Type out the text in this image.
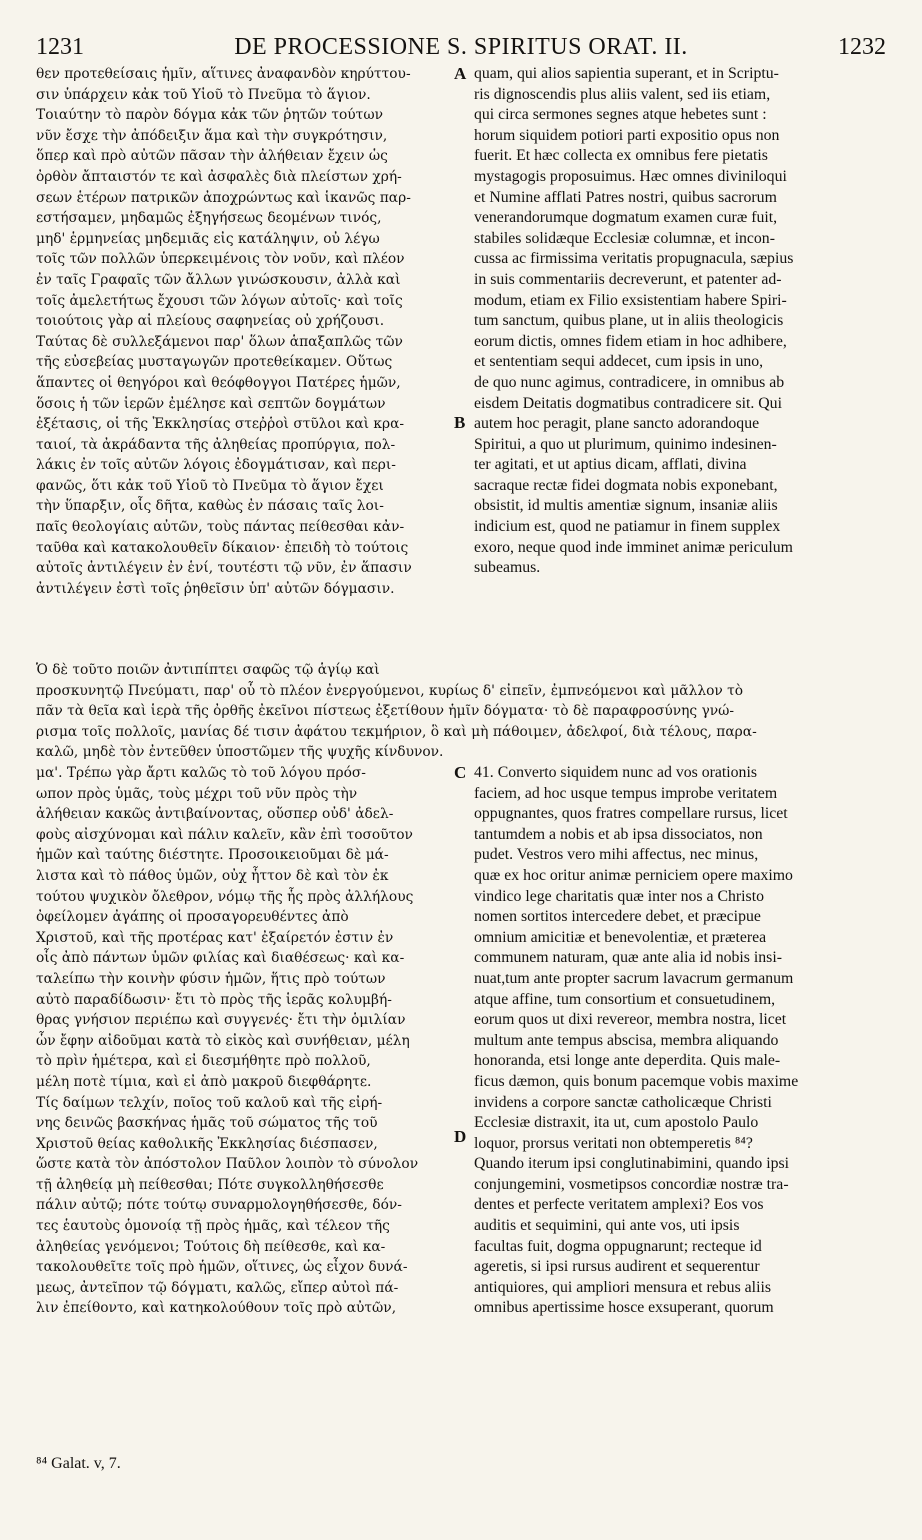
1231	DE PROCESSIONE S. SPIRITUS ORAT. II.	1232
θεν προτεθείσαις ἡμῖν, αἵτινες ἀναφανδὸν κηρύττου-
σιν ὑπάρχειν κἀκ τοῦ Υἱοῦ τὸ Πνεῦμα τὸ ἅγιον.
Τοιαύτην τὸ παρὸν δόγμα κἀκ τῶν ῥητῶν τούτων
νῦν ἔσχε τὴν ἀπόδειξιν ἅμα καὶ τὴν συγκρότησιν,
ὅπερ καὶ πρὸ αὐτῶν πᾶσαν τὴν ἀλήθειαν ἔχειν ὡς
ὀρθὸν ἄπταιστόν τε καὶ ἀσφαλὲς διὰ πλείστων χρή-
σεων ἑτέρων πατρικῶν ἀποχρώντως καὶ ἱκανῶς παρ-
εστήσαμεν, μηδαμῶς ἐξηγήσεως δεομένων τινός,
μηδ' ἑρμηνείας μηδεμιᾶς εἰς κατάληψιν, οὐ λέγω
τοῖς τῶν πολλῶν ὑπερκειμένοις τὸν νοῦν, καὶ πλέον
ἐν ταῖς Γραφαῖς τῶν ἄλλων γινώσκουσιν, ἀλλὰ καὶ
τοῖς ἀμελετήτως ἔχουσι τῶν λόγων αὐτοῖς· καὶ τοῖς
τοιούτοις γὰρ αἱ πλείους σαφηνείας οὐ χρήζουσι.
Ταύτας δὲ συλλεξάμενοι παρ' ὅλων ἁπαξαπλῶς τῶν
τῆς εὐσεβείας μυσταγωγῶν προτεθείκαμεν. Οὕτως
ἅπαντες οἱ θεηγόροι καὶ θεόφθογγοι Πατέρες ἡμῶν,
ὅσοις ἡ τῶν ἱερῶν ἐμέλησε καὶ σεπτῶν δογμάτων
ἐξέτασις, οἱ τῆς Ἐκκλησίας στεῤῥοὶ στῦλοι καὶ κρα-
ταιοί, τὰ ἀκράδαντα τῆς ἀληθείας προπύργια, πολ-
λάκις ἐν τοῖς αὐτῶν λόγοις ἐδογμάτισαν, καὶ περι-
φανῶς, ὅτι κἀκ τοῦ Υἱοῦ τὸ Πνεῦμα τὸ ἅγιον ἔχει
τὴν ὕπαρξιν, οἷς δῆτα, καθὼς ἐν πάσαις ταῖς λοι-
παῖς θεολογίαις αὐτῶν, τοὺς πάντας πείθεσθαι κἀν-
ταῦθα καὶ κατακολουθεῖν δίκαιον· ἐπειδὴ τὸ τούτοις
αὐτοῖς ἀντιλέγειν ἐν ἑνί, τουτέστι τῷ νῦν, ἐν ἅπασιν
ἀντιλέγειν ἐστὶ τοῖς ῥηθεῖσιν ὑπ' αὐτῶν δόγμασιν.
quam, qui alios sapientia superant, et in Scriptu-
ris dignoscendis plus aliis valent, sed iis etiam,
qui circa sermones segnes atque hebetes sunt :
horum siquidem potiori parti expositio opus non
fuerit. Et hæc collecta ex omnibus fere pietatis
mystagogis proposuimus. Hæc omnes diviniloqui
et Numine afflati Patres nostri, quibus sacrorum
venerandorumque dogmatum examen curæ fuit,
stabiles solidæque Ecclesiæ columnæ, et incon-
cussa ac firmissima veritatis propugnacula, sæpius
in suis commentariis decreverunt, et patenter ad-
modum, etiam ex Filio exsistentiam habere Spiri-
tum sanctum, quibus plane, ut in aliis theologicis
eorum dictis, omnes fidem etiam in hoc adhibere,
et sententiam sequi addecet, cum ipsis in uno,
de quo nunc agimus, contradicere, in omnibus ab
eisdem Deitatis dogmatibus contradicere sit. Qui
autem hoc peragit, plane sancto adorandoque
Spiritui, a quo ut plurimum, quinimo indesinen-
ter agitati, et ut aptius dicam, afflati, divina
sacraque rectæ fidei dogmata nobis exponebant,
obsistit, id multis amentiæ signum, insaniæ aliis
indicium est, quod ne patiamur in finem supplex
exoro, neque quod inde imminet animæ periculum
subeamus.
Ὁ δὲ τοῦτο ποιῶν ἀντιπίπτει σαφῶς τῷ ἁγίῳ καὶ
προσκυνητῷ Πνεύματι, παρ' οὗ τὸ πλέον ἐνεργούμενοι, κυρίως δ' εἰπεῖν, ἐμπνεόμενοι καὶ μᾶλλον τὸ
πᾶν τὰ θεῖα καὶ ἱερὰ τῆς ὀρθῆς ἐκεῖνοι πίστεως ἐξετίθουν ἡμῖν δόγματα· τὸ δὲ παραφροσύνης γνώ-
ρισμα τοῖς πολλοῖς, μανίας δέ τισιν ἀφάτου τεκμήριον, ὃ καὶ μὴ πάθοιμεν, ἀδελφοί, διὰ τέλους, παρα-
καλῶ, μηδὲ τὸν ἐντεῦθεν ὑποστῶμεν τῆς ψυχῆς κίνδυνον.
μα'. Τρέπω γὰρ ἄρτι καλῶς τὸ τοῦ λόγου πρόσ-
ωπον πρὸς ὑμᾶς, τοὺς μέχρι τοῦ νῦν πρὸς τὴν
ἀλήθειαν κακῶς ἀντιβαίνοντας, οὕσπερ οὐδ' ἀδελ-
φοὺς αἰσχύνομαι καὶ πάλιν καλεῖν, κἂν ἐπὶ τοσοῦτον
ἡμῶν καὶ ταύτης διέστητε. Προσοικειοῦμαι δὲ μά-
λιστα καὶ τὸ πάθος ὑμῶν, οὐχ ἧττον δὲ καὶ τὸν ἐκ
τούτου ψυχικὸν ὄλεθρον, νόμῳ τῆς ἧς πρὸς ἀλλήλους
ὀφείλομεν ἀγάπης οἱ προσαγορευθέντες ἀπὸ
Χριστοῦ, καὶ τῆς προτέρας κατ' ἐξαίρετόν ἐστιν ἐν
οἷς ἀπὸ πάντων ὑμῶν φιλίας καὶ διαθέσεως· καὶ κα-
ταλείπω τὴν κοινὴν φύσιν ἡμῶν, ἥτις πρὸ τούτων
αὐτὸ παραδίδωσιν· ἔτι τὸ πρὸς τῆς ἱερᾶς κολυμβή-
θρας γνήσιον περιέπω καὶ συγγενές· ἔτι τὴν ὁμιλίαν
ὧν ἔφην αἰδοῦμαι κατὰ τὸ εἰκὸς καὶ συνήθειαν, μέλη
τὸ πρὶν ἡμέτερα, καὶ εἰ διεσμήθητε πρὸ πολλοῦ,
μέλη ποτὲ τίμια, καὶ εἰ ἀπὸ μακροῦ διεφθάρητε.
Τίς δαίμων τελχίν, ποῖος τοῦ καλοῦ καὶ τῆς εἰρή-
νης δεινῶς βασκήνας ἡμᾶς τοῦ σώματος τῆς τοῦ
Χριστοῦ θείας καθολικῆς Ἐκκλησίας διέσπασεν,
ὥστε κατὰ τὸν ἀπόστολον Παῦλον λοιπὸν τὸ σύνολον
τῇ ἀληθείᾳ μὴ πείθεσθαι; Πότε συγκολληθήσεσθε
πάλιν αὐτῷ; πότε τούτῳ συναρμολογηθήσεσθε, δόν-
τες ἑαυτοὺς ὁμονοίᾳ τῇ πρὸς ἡμᾶς, καὶ τέλεον τῆς
ἀληθείας γενόμενοι; Τούτοις δὴ πείθεσθε, καὶ κα-
τακολουθεῖτε τοῖς πρὸ ἡμῶν, οἵτινες, ὡς εἶχον δυνά-
μεως, ἀντεῖπον τῷ δόγματι, καλῶς, εἴπερ αὐτοὶ πά-
λιν ἐπείθοντο, καὶ κατηκολούθουν τοῖς πρὸ αὐτῶν,
41. Converto siquidem nunc ad vos orationis
faciem, ad hoc usque tempus improbe veritatem
oppugnantes, quos fratres compellare rursus, licet
tantumdem a nobis et ab ipsa dissociatos, non
pudet. Vestros vero mihi affectus, nec minus,
quæ ex hoc oritur animæ perniciem opere maximo
vindico lege charitatis quæ inter nos a Christo
nomen sortitos intercedere debet, et præcipue
omnium amicitiæ et benevolentiæ, et præterea
communem naturam, quæ ante alia id nobis insi-
nuat,tum ante propter sacrum lavacrum germanum
atque affine, tum consortium et consuetudinem,
eorum quos ut dixi revereor, membra nostra, licet
multum ante tempus abscisa, membra aliquando
honoranda, etsi longe ante deperdita. Quis male-
ficus dæmon, quis bonum pacemque vobis maxime
invidens a corpore sanctæ catholicæque Christi
Ecclesiæ distraxit, ita ut, cum apostolo Paulo
loquor, prorsus veritati non obtemperetis ⁸⁴?
Quando iterum ipsi conglutinabimini, quando ipsi
conjungemini, vosmetipsos concordiæ nostræ tra-
dentes et perfecte veritatem amplexi? Eos vos
auditis et sequimini, qui ante vos, uti ipsis
facultas fuit, dogma oppugnarunt; recteque id
ageretis, si ipsi rursus audirent et sequerentur
antiquiores, qui ampliori mensura et rebus aliis
omnibus apertissime hosce exsuperant, quorum
A
B
C
D
⁸⁴ Galat. v, 7.
